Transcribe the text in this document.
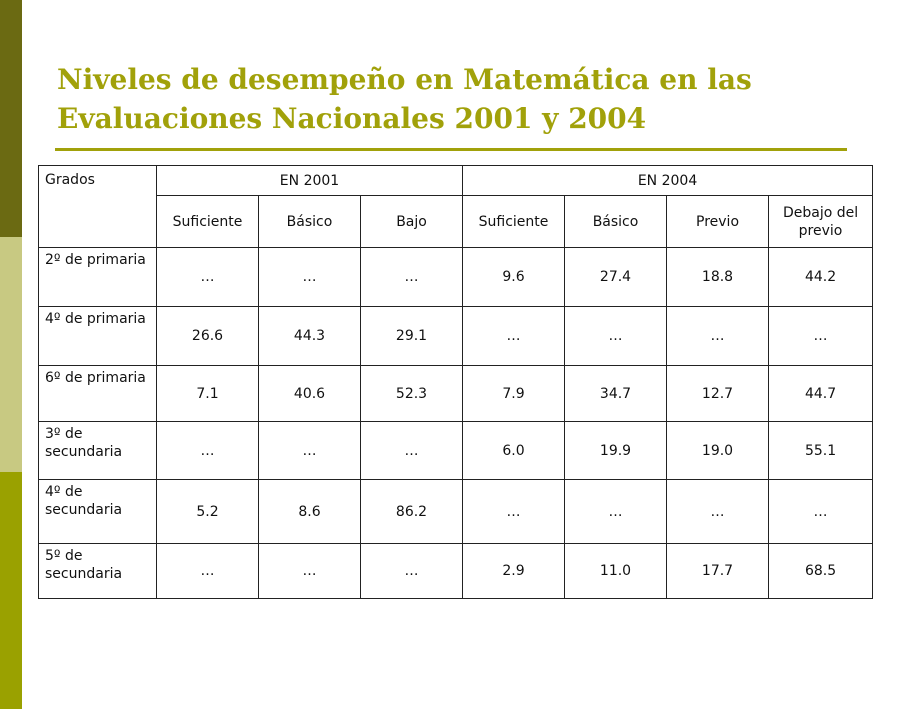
Niveles de desempeño en Matemática en las
Evaluaciones Nacionales 2001 y 2004
Grados	EN 2001			EN 2004			
	Suficiente	Básico	Bajo	Suficiente	Básico	Previo	Debajo del previo
2º de primaria	…	…	…	9.6	27.4	18.8	44.2
4º de primaria	26.6	44.3	29.1	…	…	…	…
6º de primaria	7.1	40.6	52.3	7.9	34.7	12.7	44.7
3º de secundaria	…	…	…	6.0	19.9	19.0	55.1
4º de secundaria	5.2	8.6	86.2	…	…	…	…
5º de secundaria	…	…	…	2.9	11.0	17.7	68.5
